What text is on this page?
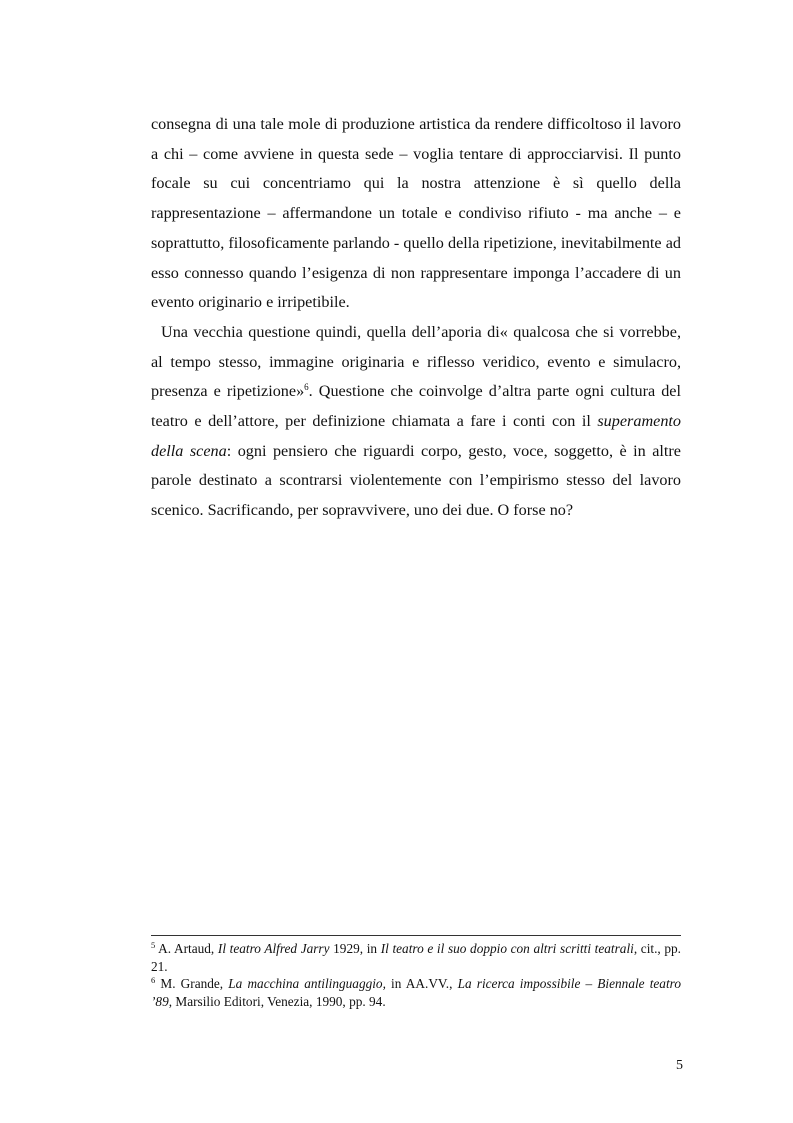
consegna di una tale mole di produzione artistica da rendere difficoltoso il lavoro a chi – come avviene in questa sede – voglia tentare di approcciarvisi. Il punto focale su cui concentriamo qui la nostra attenzione è sì quello della rappresentazione – affermandone un totale e condiviso rifiuto - ma anche – e soprattutto, filosoficamente parlando - quello della ripetizione, inevitabilmente ad esso connesso quando l’esigenza di non rappresentare imponga l’accadere di un evento originario e irripetibile.

Una vecchia questione quindi, quella dell’aporia di« qualcosa che si vorrebbe, al tempo stesso, immagine originaria e riflesso veridico, evento e simulacro, presenza e ripetizione»$^6$. Questione che coinvolge d’altra parte ogni cultura del teatro e dell’attore, per definizione chiamata a fare i conti con il superamento della scena: ogni pensiero che riguardi corpo, gesto, voce, soggetto, è in altre parole destinato a scontrarsi violentemente con l’empirismo stesso del lavoro scenico. Sacrificando, per sopravvivere, uno dei due. O forse no?

$^5$ A. Artaud, Il teatro Alfred Jarry 1929, in Il teatro e il suo doppio con altri scritti teatrali, cit., pp. 21.

$^6$ M. Grande, La macchina antilinguaggio, in AA.VV., La ricerca impossibile – Biennale teatro ’89, Marsilio Editori, Venezia, 1990, pp. 94.

5
